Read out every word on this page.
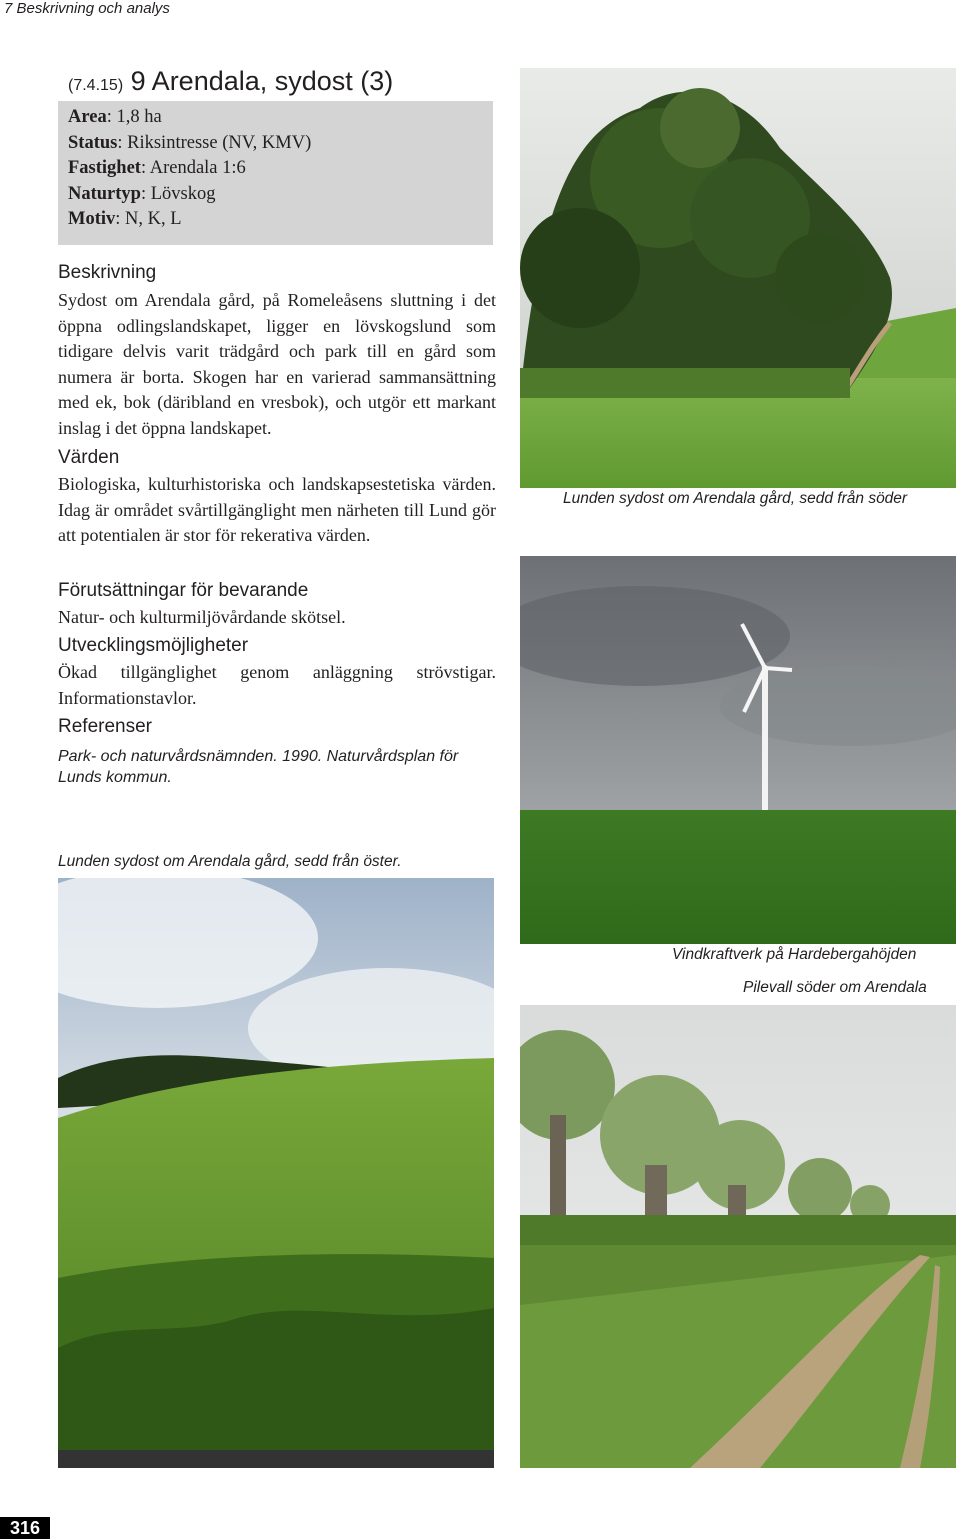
7 Beskrivning och analys
(7.4.15) 9 Arendala, sydost (3)
Area: 1,8 ha
Status: Riksintresse (NV, KMV)
Fastighet: Arendala 1:6
Naturtyp: Lövskog
Motiv: N, K, L
Beskrivning
Sydost om Arendala gård, på Romeleåsens sluttning i det öppna odlingslandskapet, ligger en lövskogslund som tidigare delvis varit trädgård och park till en gård som numera är borta. Skogen har en varierad sammansättning med ek, bok (däribland en vresbok), och utgör ett markant inslag i det öppna landskapet.
Värden
Biologiska, kulturhistoriska och landskapsestetiska värden. Idag är området svårtillgänglight men närheten till Lund gör att potentialen är stor för rekerativa värden.
Förutsättningar för bevarande
Natur- och kulturmiljövårdande skötsel.
Utvecklingsmöjligheter
Ökad tillgänglighet genom anläggning strövstigar. Informationstavlor.
Referenser
Park- och naturvårdsnämnden. 1990. Naturvårdsplan för Lunds kommun.
Lunden sydost om Arendala gård, sedd från söder
Vindkraftverk på Hardebergahöjden
Lunden sydost om Arendala gård, sedd från öster.
Pilevall söder om Arendala
316
